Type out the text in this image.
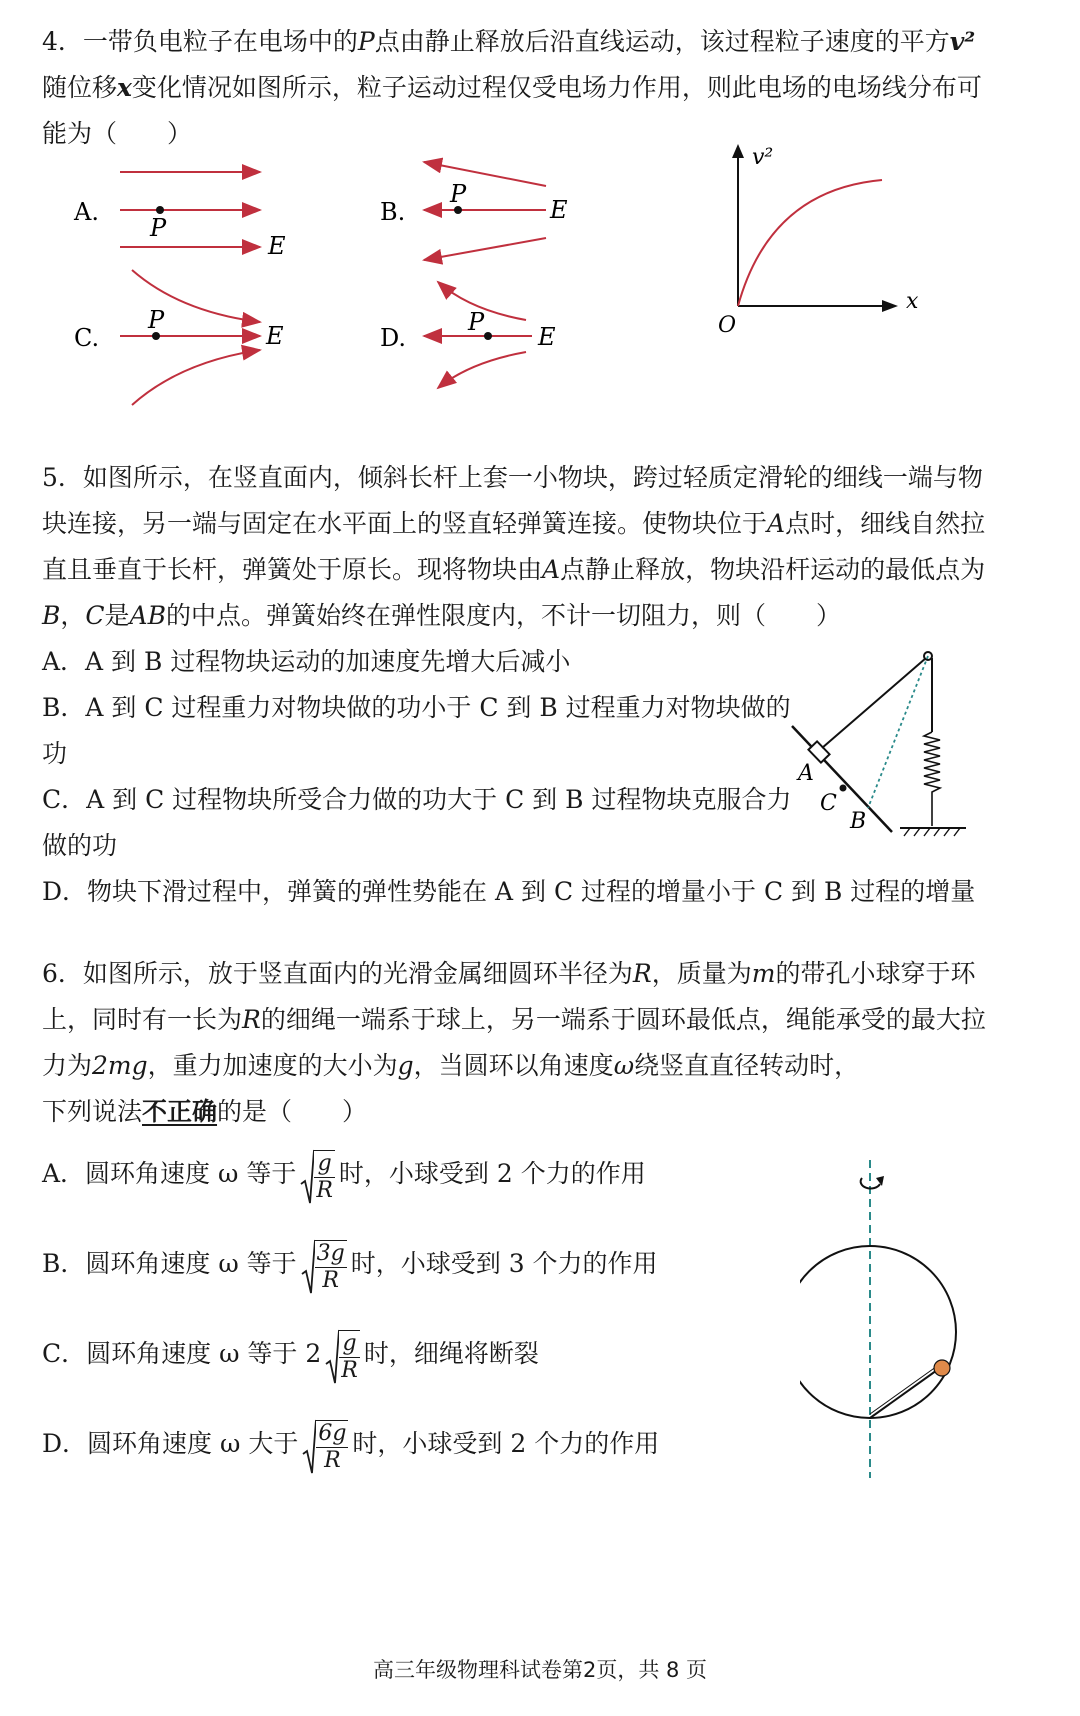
4．一带负电粒子在电场中的P点由静止释放后沿直线运动，该过程粒子速度的平方v²
随位移x变化情况如图所示，粒子运动过程仅受电场力作用，则此电场的电场线分布可
能为（　　）
A.
P
E
B.
P
E
C.
P
E	D.
P
E
v²
x
O
5．如图所示，在竖直面内，倾斜长杆上套一小物块，跨过轻质定滑轮的细线一端与物
块连接，另一端与固定在水平面上的竖直轻弹簧连接。使物块位于A点时，细线自然拉
直且垂直于长杆，弹簧处于原长。现将物块由A点静止释放，物块沿杆运动的最低点为
B，C是AB的中点。弹簧始终在弹性限度内，不计一切阻力，则（　　）
A．A 到 B 过程物块运动的加速度先增大后减小
B．A 到 C 过程重力对物块做的功小于 C 到 B 过程重力对物块做的
功
C．A 到 C 过程物块所受合力做的功大于 C 到 B 过程物块克服合力
做的功
D．物块下滑过程中，弹簧的弹性势能在 A 到 C 过程的增量小于 C 到 B 过程的增量
A
C
B
6．如图所示，放于竖直面内的光滑金属细圆环半径为R，质量为m的带孔小球穿于环
上，同时有一长为R的细绳一端系于球上，另一端系于圆环最低点，绳能承受的最大拉
力为2mg，重力加速度的大小为g，当圆环以角速度ω绕竖直直径转动时，
下列说法不正确的是（　　）
A．圆环角速度 ω 等于 $\frac{g}{R}$ 时，小球受到 2 个力的作用
B．圆环角速度 ω 等于 $\frac{3g}{R}$ 时，小球受到 3 个力的作用
C．圆环角速度 ω 等于 $2 \frac{g}{R}$ 时，细绳将断裂
D．圆环角速度 ω 大于 $\frac{6g}{R}$ 时，小球受到 2 个力的作用
高三年级物理科试卷第2页，共 8 页
